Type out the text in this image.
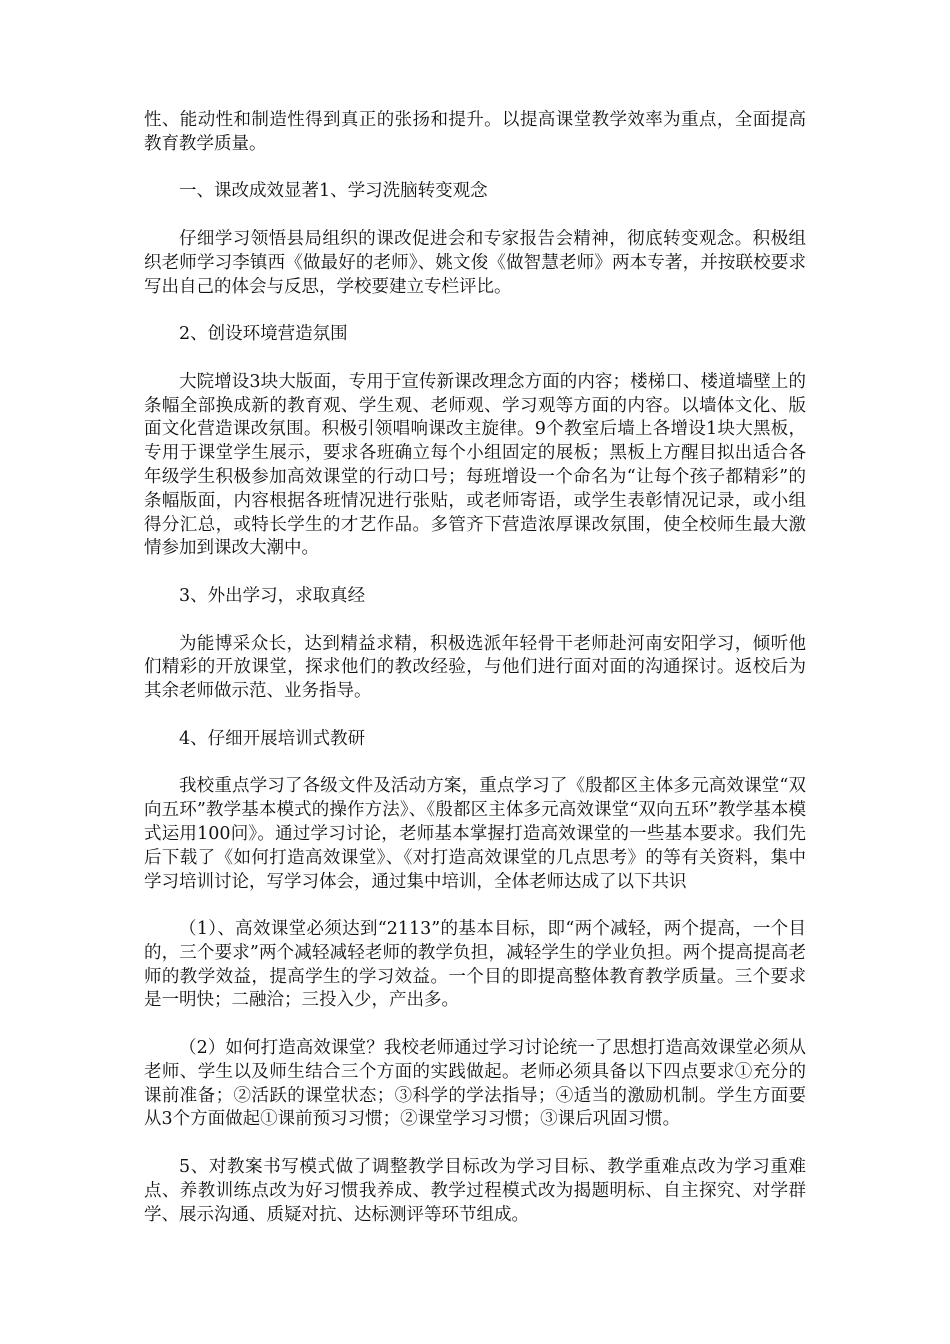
性、能动性和制造性得到真正的张扬和提升。以提高课堂教学效率为重点，全面提高教育教学质量。

一、课改成效显著1、学习洗脑转变观念

仔细学习领悟县局组织的课改促进会和专家报告会精神，彻底转变观念。积极组织老师学习李镇西《做最好的老师》、姚文俊《做智慧老师》两本专著，并按联校要求写出自己的体会与反思，学校要建立专栏评比。

2、创设环境营造氛围

大院增设3块大版面，专用于宣传新课改理念方面的内容；楼梯口、楼道墙壁上的条幅全部换成新的教育观、学生观、老师观、学习观等方面的内容。以墙体文化、版面文化营造课改氛围。积极引领唱响课改主旋律。9个教室后墙上各增设1块大黑板，专用于课堂学生展示，要求各班确立每个小组固定的展板；黑板上方醒目拟出适合各年级学生积极参加高效课堂的行动口号；每班增设一个命名为“让每个孩子都精彩”的条幅版面，内容根据各班情况进行张贴，或老师寄语，或学生表彰情况记录，或小组得分汇总，或特长学生的才艺作品。多管齐下营造浓厚课改氛围，使全校师生最大激情参加到课改大潮中。

3、外出学习，求取真经

为能博采众长，达到精益求精，积极选派年轻骨干老师赴河南安阳学习，倾听他们精彩的开放课堂，探求他们的教改经验，与他们进行面对面的沟通探讨。返校后为其余老师做示范、业务指导。

4、仔细开展培训式教研

我校重点学习了各级文件及活动方案，重点学习了《殷都区主体多元高效课堂“双向五环”教学基本模式的操作方法》、《殷都区主体多元高效课堂“双向五环”教学基本模式运用100问》。通过学习讨论，老师基本掌握打造高效课堂的一些基本要求。我们先后下载了《如何打造高效课堂》、《对打造高效课堂的几点思考》的等有关资料，集中学习培训讨论，写学习体会，通过集中培训，全体老师达成了以下共识

（1）、高效课堂必须达到“2113”的基本目标，即“两个减轻，两个提高，一个目的，三个要求”两个减轻减轻老师的教学负担，减轻学生的学业负担。两个提高提高老师的教学效益，提高学生的学习效益。一个目的即提高整体教育教学质量。三个要求是一明快；二融洽；三投入少，产出多。

（2）如何打造高效课堂？我校老师通过学习讨论统一了思想打造高效课堂必须从老师、学生以及师生结合三个方面的实践做起。老师必须具备以下四点要求①充分的课前准备；②活跃的课堂状态；③科学的学法指导；④适当的激励机制。学生方面要从3个方面做起①课前预习习惯；②课堂学习习惯；③课后巩固习惯。

5、对教案书写模式做了调整教学目标改为学习目标、教学重难点改为学习重难点、养教训练点改为好习惯我养成、教学过程模式改为揭题明标、自主探究、对学群学、展示沟通、质疑对抗、达标测评等环节组成。
